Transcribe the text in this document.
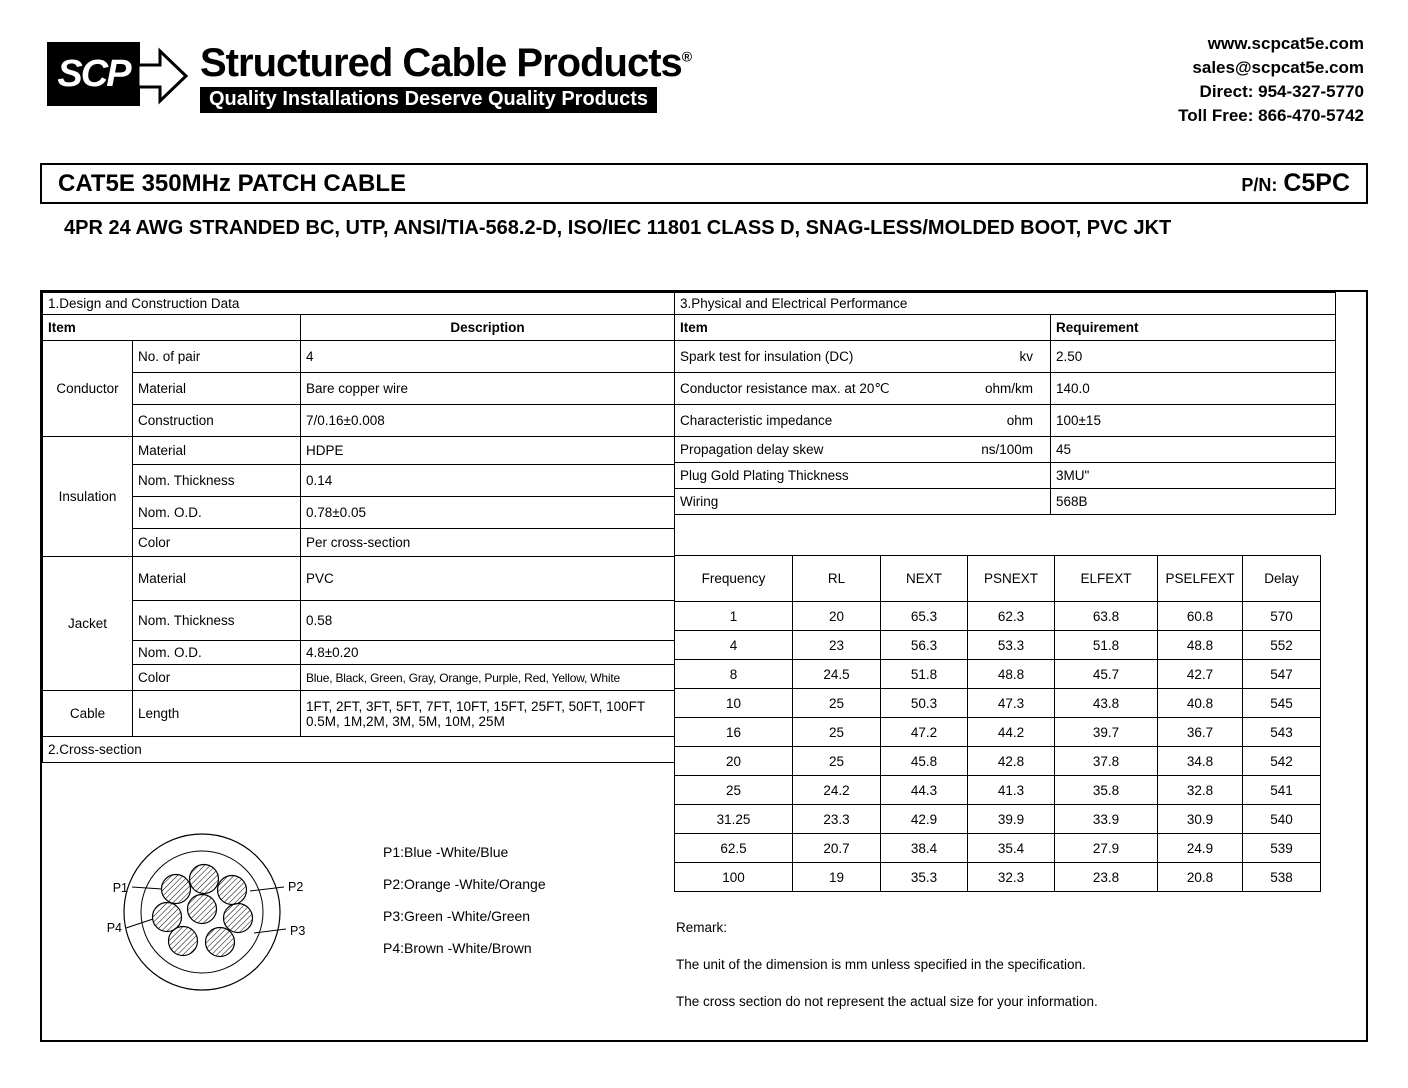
SCP Structured Cable Products®
Quality Installations Deserve Quality Products
www.scpcat5e.com
sales@scpcat5e.com
Direct: 954-327-5770
Toll Free: 866-470-5742
CAT5E 350MHz PATCH CABLE	P/N: C5PC
4PR 24 AWG STRANDED BC, UTP, ANSI/TIA-568.2-D, ISO/IEC 11801 CLASS D, SNAG-LESS/MOLDED BOOT, PVC JKT
1.Design and Construction Data		
Item		Description
Conductor	No. of pair	4
	Material	Bare copper wire
	Construction	7/0.16±0.008
Insulation	Material	HDPE
	Nom. Thickness	0.14
	Nom. O.D.	0.78±0.05
	Color	Per cross-section
Jacket	Material	PVC
	Nom. Thickness	0.58
	Nom. O.D.	4.8±0.20
	Color	Blue, Black, Green, Gray, Orange, Purple, Red, Yellow, White
Cable	Length	1FT, 2FT, 3FT, 5FT, 7FT, 10FT, 15FT, 25FT, 50FT, 100FT
0.5M, 1M,2M, 3M, 5M, 10M, 25M

2.Cross-section		
P1	P2
P4	P3
P1:Blue -White/Blue
P2:Orange -White/Orange
P3:Green -White/Green
P4:Brown -White/Brown
3.Physical and Electrical Performance	
Item	Requirement
Spark test for insulation (DC) kv	2.50
Conductor resistance max. at 20℃ ohm/km	140.0
Characteristic impedance ohm	100±15
Propagation delay skew ns/100m	45
Plug Gold Plating Thickness	3MU"
Wiring	568B
Frequency	RL	NEXT	PSNEXT	ELFEXT	PSELFEXT	Delay
1	20	65.3	62.3	63.8	60.8	570
4	23	56.3	53.3	51.8	48.8	552
8	24.5	51.8	48.8	45.7	42.7	547
10	25	50.3	47.3	43.8	40.8	545
16	25	47.2	44.2	39.7	36.7	543
20	25	45.8	42.8	37.8	34.8	542
25	24.2	44.3	41.3	35.8	32.8	541
31.25	23.3	42.9	39.9	33.9	30.9	540
62.5	20.7	38.4	35.4	27.9	24.9	539
100	19	35.3	32.3	23.8	20.8	538
Remark:
The unit of the dimension is mm unless specified in the specification.
The cross section do not represent the actual size for your information.
